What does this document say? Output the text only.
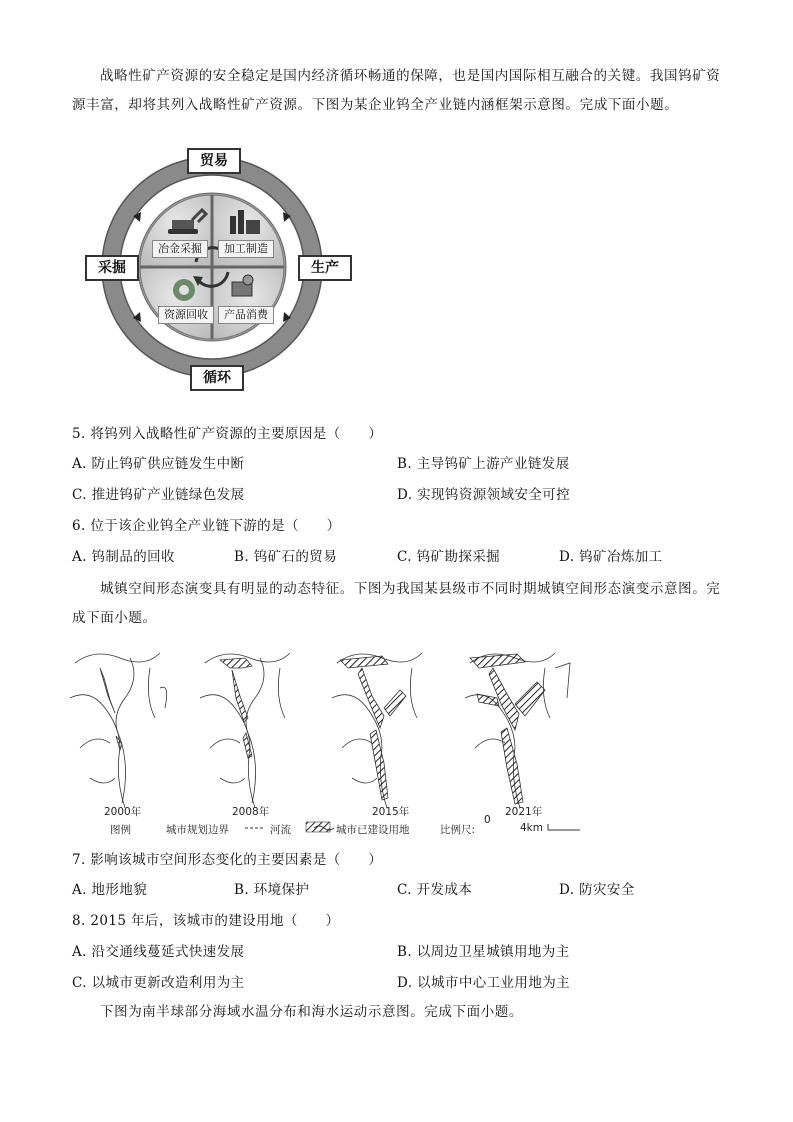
战略性矿产资源的安全稳定是国内经济循环畅通的保障，也是国内国际相互融合的关键。我国钨矿资源丰富，却将其列入战略性矿产资源。下图为某企业钨全产业链内涵框架示意图。完成下面小题。
贸易
采掘	生产
循环
冶金采掘	加工制造
资源回收	产品消费
5. 将钨列入战略性矿产资源的主要原因是（　　）
A. 防止钨矿供应链发生中断	B. 主导钨矿上游产业链发展
C. 推进钨矿产业链绿色发展	D. 实现钨资源领域安全可控
6. 位于该企业钨全产业链下游的是（　　）
A. 钨制品的回收	B. 钨矿石的贸易	C. 钨矿勘探采掘	D. 钨矿冶炼加工
城镇空间形态演变具有明显的动态特征。下图为我国某县级市不同时期城镇空间形态演变示意图。完成下面小题。
2000年	2008年	2015年	2021年
图例	城市规划边界	河流	城市已建设用地	比例尺:
0
4km
7. 影响该城市空间形态变化的主要因素是（　　）
A. 地形地貌	B. 环境保护	C. 开发成本	D. 防灾安全
8. 2015 年后，该城市的建设用地（　　）
A. 沿交通线蔓延式快速发展	B. 以周边卫星城镇用地为主
C. 以城市更新改造利用为主	D. 以城市中心工业用地为主
下图为南半球部分海域水温分布和海水运动示意图。完成下面小题。
